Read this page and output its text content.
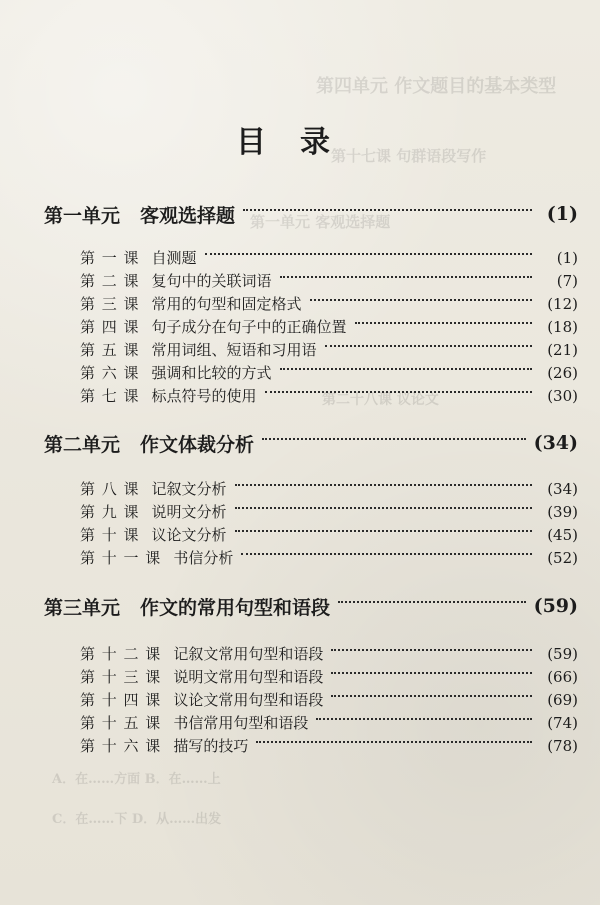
第四单元 作文题目的基本类型
第十七课 句群语段写作
第一单元 客观选择题
第二十八课 议论文
A．在……方面 B．在……上
C．在……下 D．从……出发
目录
第一单元 客观选择题	(1)
第 一 课 自测题	(1)
第 二 课 复句中的关联词语	(7)
第 三 课 常用的句型和固定格式	(12)
第 四 课 句子成分在句子中的正确位置	(18)
第 五 课 常用词组、短语和习用语	(21)
第 六 课 强调和比较的方式	(26)
第 七 课 标点符号的使用	(30)
第二单元 作文体裁分析	(34)
第 八 课 记叙文分析	(34)
第 九 课 说明文分析	(39)
第 十 课 议论文分析	(45)
第 十 一 课 书信分析	(52)
第三单元 作文的常用句型和语段	(59)
第 十 二 课 记叙文常用句型和语段	(59)
第 十 三 课 说明文常用句型和语段	(66)
第 十 四 课 议论文常用句型和语段	(69)
第 十 五 课 书信常用句型和语段	(74)
第 十 六 课 描写的技巧	(78)
